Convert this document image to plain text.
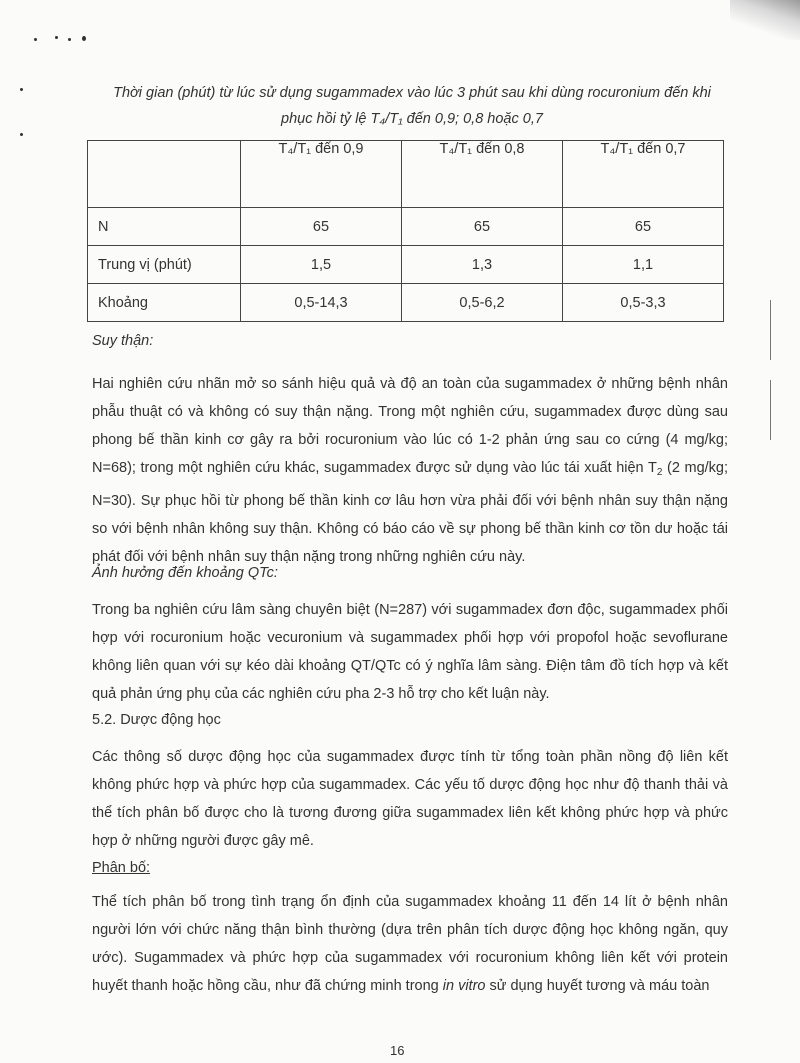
Thời gian (phút) từ lúc sử dụng sugammadex vào lúc 3 phút sau khi dùng rocuronium đến khi
phục hồi tỷ lệ T₄/T₁ đến 0,9; 0,8 hoặc 0,7
	T₄/T₁ đến 0,9	T₄/T₁ đến 0,8	T₄/T₁ đến 0,7
N	65	65	65
Trung vị (phút)	1,5	1,3	1,1
Khoảng	0,5-14,3	0,5-6,2	0,5-3,3
Suy thận:

Hai nghiên cứu nhãn mở so sánh hiệu quả và độ an toàn của sugammadex ở những bệnh nhân phẫu thuật có và không có suy thận nặng. Trong một nghiên cứu, sugammadex được dùng sau phong bế thần kinh cơ gây ra bởi rocuronium vào lúc có 1-2 phản ứng sau co cứng (4 mg/kg; N=68); trong một nghiên cứu khác, sugammadex được sử dụng vào lúc tái xuất hiện $T_2$ (2 mg/kg; N=30). Sự phục hồi từ phong bế thần kinh cơ lâu hơn vừa phải đối với bệnh nhân suy thận nặng so với bệnh nhân không suy thận. Không có báo cáo về sự phong bế thần kinh cơ tồn dư hoặc tái phát đối với bệnh nhân suy thận nặng trong những nghiên cứu này.

Ảnh hưởng đến khoảng QTc:

Trong ba nghiên cứu lâm sàng chuyên biệt (N=287) với sugammadex đơn độc, sugammadex phối hợp với rocuronium hoặc vecuronium và sugammadex phối hợp với propofol hoặc sevoflurane không liên quan với sự kéo dài khoảng QT/QTc có ý nghĩa lâm sàng. Điện tâm đồ tích hợp và kết quả phản ứng phụ của các nghiên cứu pha 2-3 hỗ trợ cho kết luận này.

5.2. Dược động học

Các thông số dược động học của sugammadex được tính từ tổng toàn phần nồng độ liên kết không phức hợp và phức hợp của sugammadex. Các yếu tố dược động học như độ thanh thải và thể tích phân bố được cho là tương đương giữa sugammadex liên kết không phức hợp và phức hợp ở những người được gây mê.

Phân bố:

Thể tích phân bố trong tình trạng ổn định của sugammadex khoảng 11 đến 14 lít ở bệnh nhân người lớn với chức năng thận bình thường (dựa trên phân tích dược động học không ngăn, quy ước). Sugammadex và phức hợp của sugammadex với rocuronium không liên kết với protein huyết thanh hoặc hồng cầu, như đã chứng minh trong in vitro sử dụng huyết tương và máu toàn

16
